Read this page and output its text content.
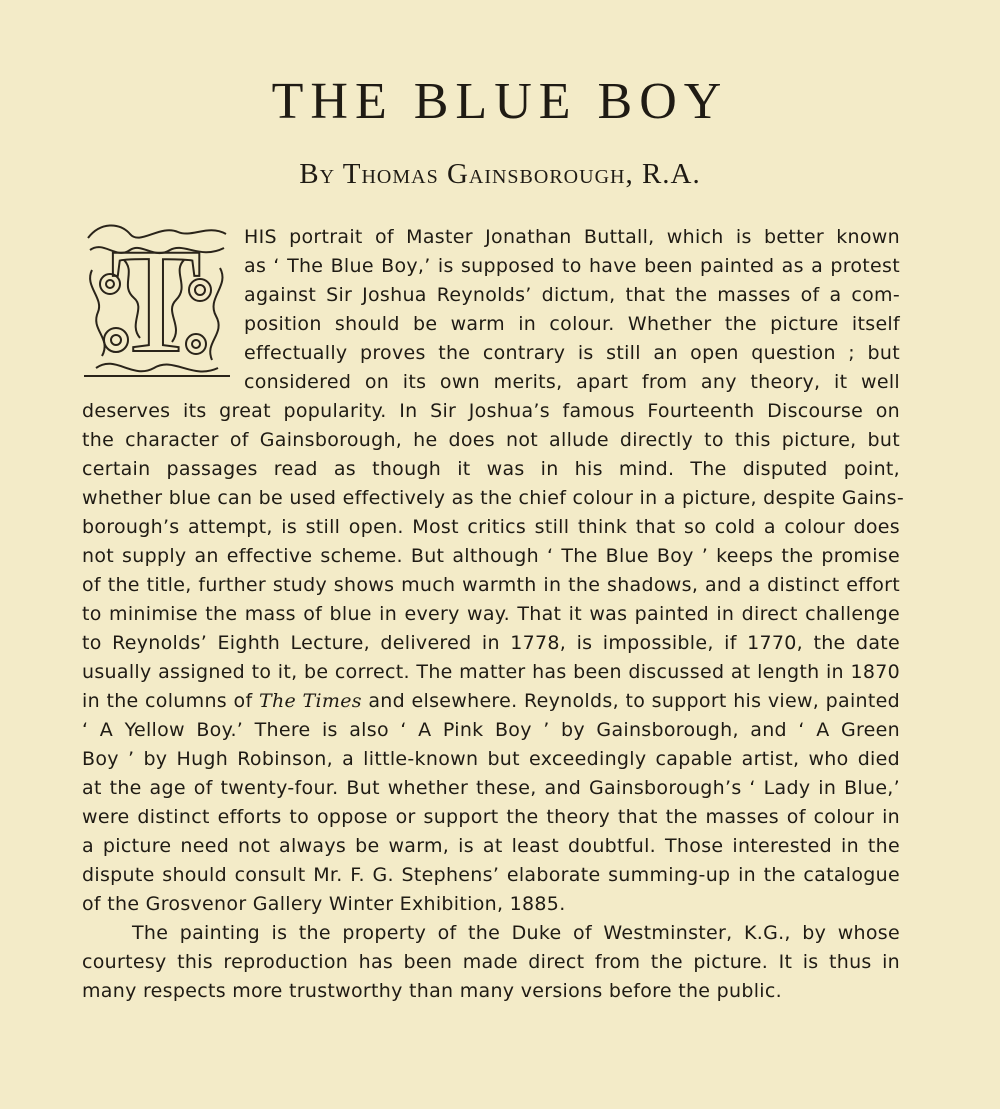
THE BLUE BOY
By Thomas Gainsborough, R.A.
T	HIS portrait of Master Jonathan Buttall, which is better known
as ‘ The Blue Boy,’ is supposed to have been painted as a protest
against Sir Joshua Reynolds’ dictum, that the masses of a com-
position should be warm in colour. Whether the picture itself
effectually proves the contrary is still an open question ; but
considered on its own merits, apart from any theory, it well
deserves its great popularity. In Sir Joshua’s famous Fourteenth Discourse on
the character of Gainsborough, he does not allude directly to this picture, but
certain passages read as though it was in his mind. The disputed point,
whether blue can be used effectively as the chief colour in a picture, despite Gains-
borough’s attempt, is still open. Most critics still think that so cold a colour does
not supply an effective scheme. But although ‘ The Blue Boy ’ keeps the promise
of the title, further study shows much warmth in the shadows, and a distinct effort
to minimise the mass of blue in every way. That it was painted in direct challenge
to Reynolds’ Eighth Lecture, delivered in 1778, is impossible, if 1770, the date
usually assigned to it, be correct. The matter has been discussed at length in 1870
in the columns of The Times and elsewhere. Reynolds, to support his view, painted
‘ A Yellow Boy.’ There is also ‘ A Pink Boy ’ by Gainsborough, and ‘ A Green
Boy ’ by Hugh Robinson, a little-known but exceedingly capable artist, who died
at the age of twenty-four. But whether these, and Gainsborough’s ‘ Lady in Blue,’
were distinct efforts to oppose or support the theory that the masses of colour in
a picture need not always be warm, is at least doubtful. Those interested in the
dispute should consult Mr. F. G. Stephens’ elaborate summing-up in the catalogue
of the Grosvenor Gallery Winter Exhibition, 1885.
The painting is the property of the Duke of Westminster, K.G., by whose
courtesy this reproduction has been made direct from the picture. It is thus in
many respects more trustworthy than many versions before the public.
